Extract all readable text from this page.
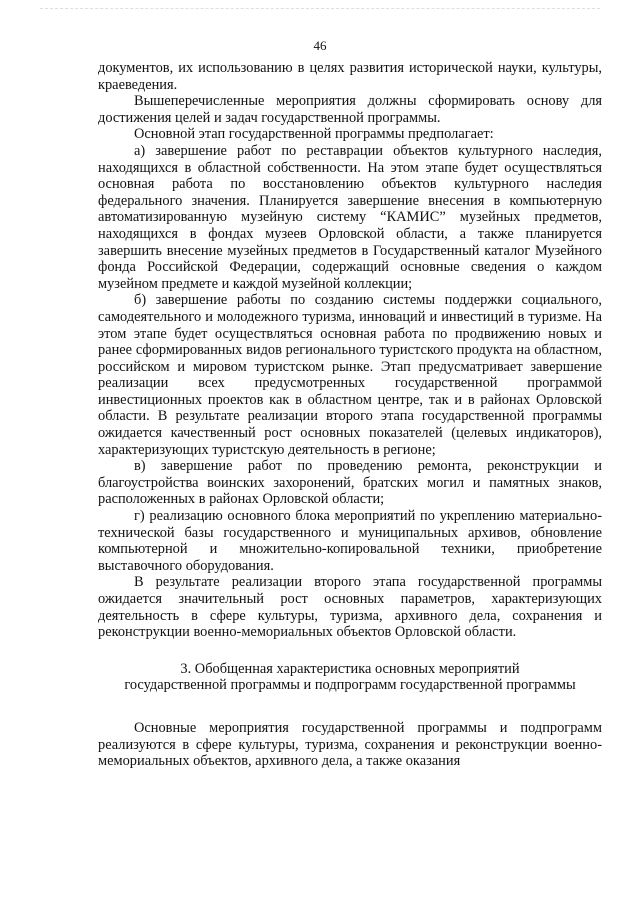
46

документов, их использованию в целях развития исторической науки, культуры, краеведения.

Вышеперечисленные мероприятия должны сформировать основу для достижения целей и задач государственной программы.

Основной этап государственной программы предполагает:

а) завершение работ по реставрации объектов культурного наследия, находящихся в областной собственности. На этом этапе будет осуществляться основная работа по восстановлению объектов культурного наследия федерального значения. Планируется завершение внесения в компьютерную автоматизированную музейную систему “КАМИС” музейных предметов, находящихся в фондах музеев Орловской области, а также планируется завершить внесение музейных предметов в Государственный каталог Музейного фонда Российской Федерации, содержащий основные сведения о каждом музейном предмете и каждой музейной коллекции;

б) завершение работы по созданию системы поддержки социального, самодеятельного и молодежного туризма, инноваций и инвестиций в туризме. На этом этапе будет осуществляться основная работа по продвижению новых и ранее сформированных видов регионального туристского продукта на областном, российском и мировом туристском рынке. Этап предусматривает завершение реализации всех предусмотренных государственной программой инвестиционных проектов как в областном центре, так и в районах Орловской области. В результате реализации второго этапа государственной программы ожидается качественный рост основных показателей (целевых индикаторов), характеризующих туристскую деятельность в регионе;

в) завершение работ по проведению ремонта, реконструкции и благоустройства воинских захоронений, братских могил и памятных знаков, расположенных в районах Орловской области;

г) реализацию основного блока мероприятий по укреплению материально-технической базы государственного и муниципальных архивов, обновление компьютерной и множительно-копировальной техники, приобретение выставочного оборудования.

В результате реализации второго этапа государственной программы ожидается значительный рост основных параметров, характеризующих деятельность в сфере культуры, туризма, архивного дела, сохранения и реконструкции военно-мемориальных объектов Орловской области.

3. Обобщенная характеристика основных мероприятий
государственной программы и подпрограмм государственной программы

Основные мероприятия государственной программы и подпрограмм реализуются в сфере культуры, туризма, сохранения и реконструкции военно-мемориальных объектов, архивного дела, а также оказания
